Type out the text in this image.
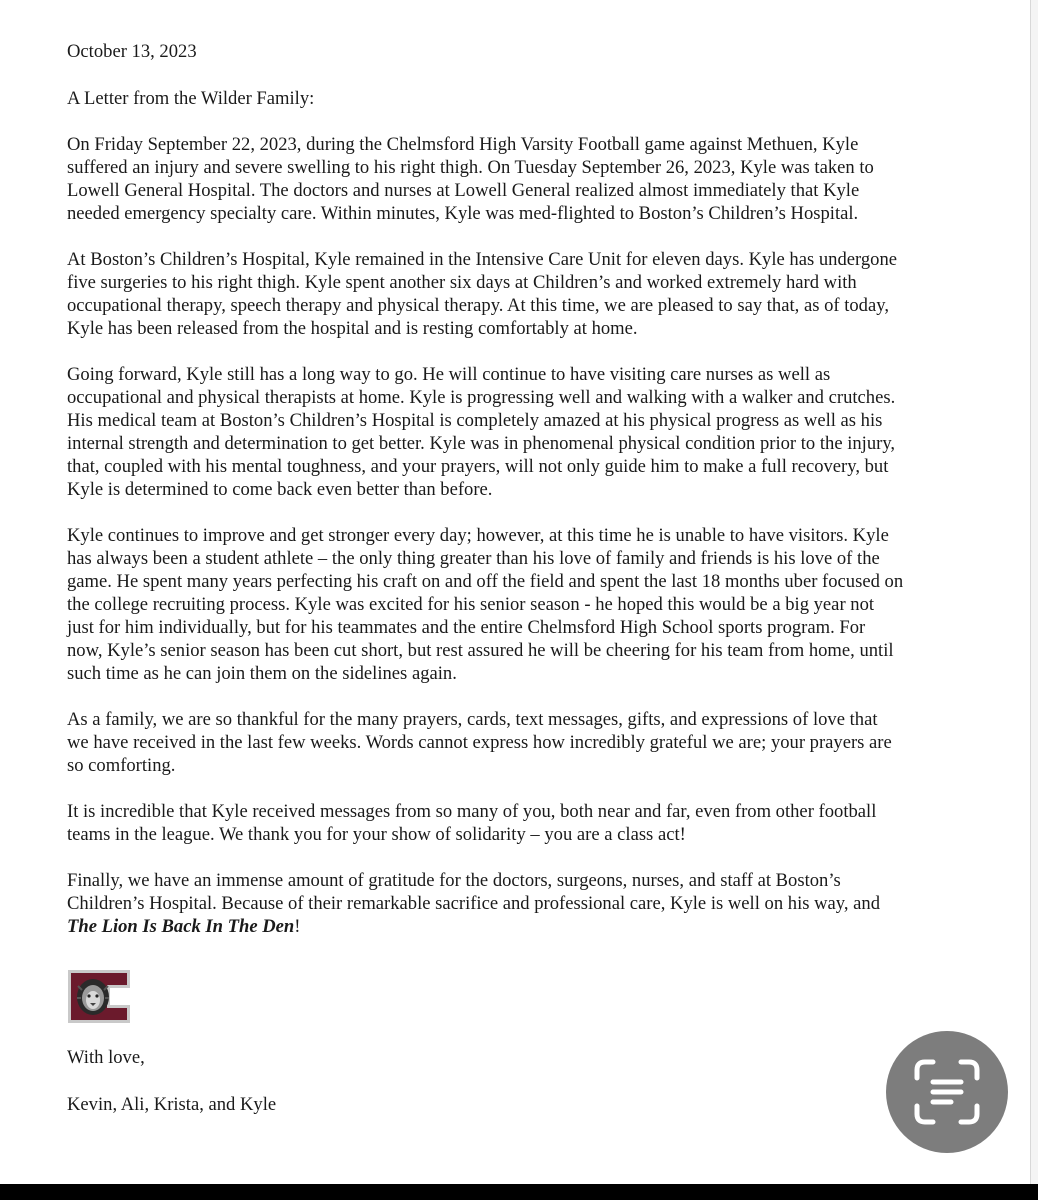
October 13, 2023

A Letter from the Wilder Family:

On Friday September 22, 2023, during the Chelmsford High Varsity Football game against Methuen, Kyle
suffered an injury and severe swelling to his right thigh. On Tuesday September 26, 2023, Kyle was taken to
Lowell General Hospital. The doctors and nurses at Lowell General realized almost immediately that Kyle
needed emergency specialty care. Within minutes, Kyle was med-flighted to Boston’s Children’s Hospital.

At Boston’s Children’s Hospital, Kyle remained in the Intensive Care Unit for eleven days. Kyle has undergone
five surgeries to his right thigh. Kyle spent another six days at Children’s and worked extremely hard with
occupational therapy, speech therapy and physical therapy. At this time, we are pleased to say that, as of today,
Kyle has been released from the hospital and is resting comfortably at home.

Going forward, Kyle still has a long way to go. He will continue to have visiting care nurses as well as
occupational and physical therapists at home. Kyle is progressing well and walking with a walker and crutches.
His medical team at Boston’s Children’s Hospital is completely amazed at his physical progress as well as his
internal strength and determination to get better. Kyle was in phenomenal physical condition prior to the injury,
that, coupled with his mental toughness, and your prayers, will not only guide him to make a full recovery, but
Kyle is determined to come back even better than before.

Kyle continues to improve and get stronger every day; however, at this time he is unable to have visitors. Kyle
has always been a student athlete – the only thing greater than his love of family and friends is his love of the
game. He spent many years perfecting his craft on and off the field and spent the last 18 months uber focused on
the college recruiting process. Kyle was excited for his senior season - he hoped this would be a big year not
just for him individually, but for his teammates and the entire Chelmsford High School sports program. For
now, Kyle’s senior season has been cut short, but rest assured he will be cheering for his team from home, until
such time as he can join them on the sidelines again.

As a family, we are so thankful for the many prayers, cards, text messages, gifts, and expressions of love that
we have received in the last few weeks. Words cannot express how incredibly grateful we are; your prayers are
so comforting.

It is incredible that Kyle received messages from so many of you, both near and far, even from other football
teams in the league. We thank you for your show of solidarity – you are a class act!

Finally, we have an immense amount of gratitude for the doctors, surgeons, nurses, and staff at Boston’s
Children’s Hospital. Because of their remarkable sacrifice and professional care, Kyle is well on his way, and
The Lion Is Back In The Den!

With love,
Kevin, Ali, Krista, and Kyle
